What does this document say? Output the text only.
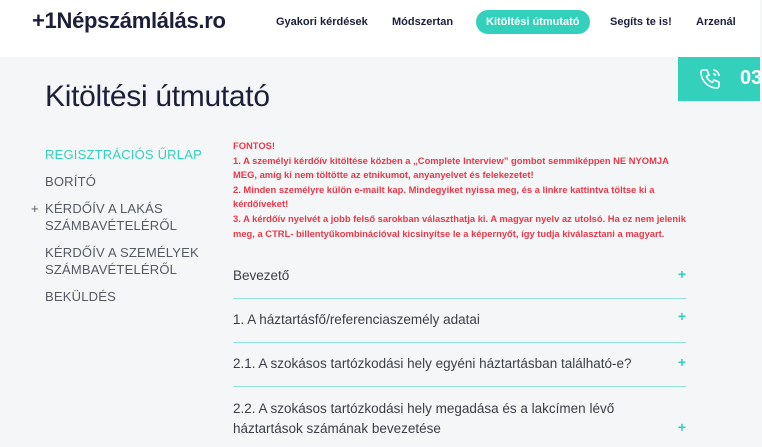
+1Népszámlálás.ro	Gyakori kérdések Módszertan	Kitöltési útmutató	Segíts te is! Arzenál
03
Kitöltési útmutató
REGISZTRÁCIÓS ŰRLAP
BORÍTÓ
+ KÉRDŐÍV A LAKÁS SZÁMBAVÉTELÉRŐL
KÉRDŐÍV A SZEMÉLYEK SZÁMBAVÉTELÉRŐL
BEKÜLDÉS
FONTOS!
1. A személyi kérdőív kitöltése közben a „Complete Interview” gombot semmiképpen NE NYOMJA MEG, amíg ki nem töltötte az etnikumot, anyanyelvet és felekezetet!
2. Minden személyre külön e-mailt kap. Mindegyiket nyissa meg, és a linkre kattintva töltse ki a kérdőíveket!
3. A kérdőív nyelvét a jobb felső sarokban választhatja ki. A magyar nyelv az utolsó. Ha ez nem jelenik meg, a CTRL- billentyűkombinációval kicsinyítse le a képernyőt, így tudja kiválasztani a magyart.
Bevezető	+
1. A háztartásfő/referenciaszemély adatai	+
2.1. A szokásos tartózkodási hely egyéni háztartásban található-e?	+
2.2. A szokásos tartózkodási hely megadása és a lakcímen lévő háztartások számának bevezetése	+
